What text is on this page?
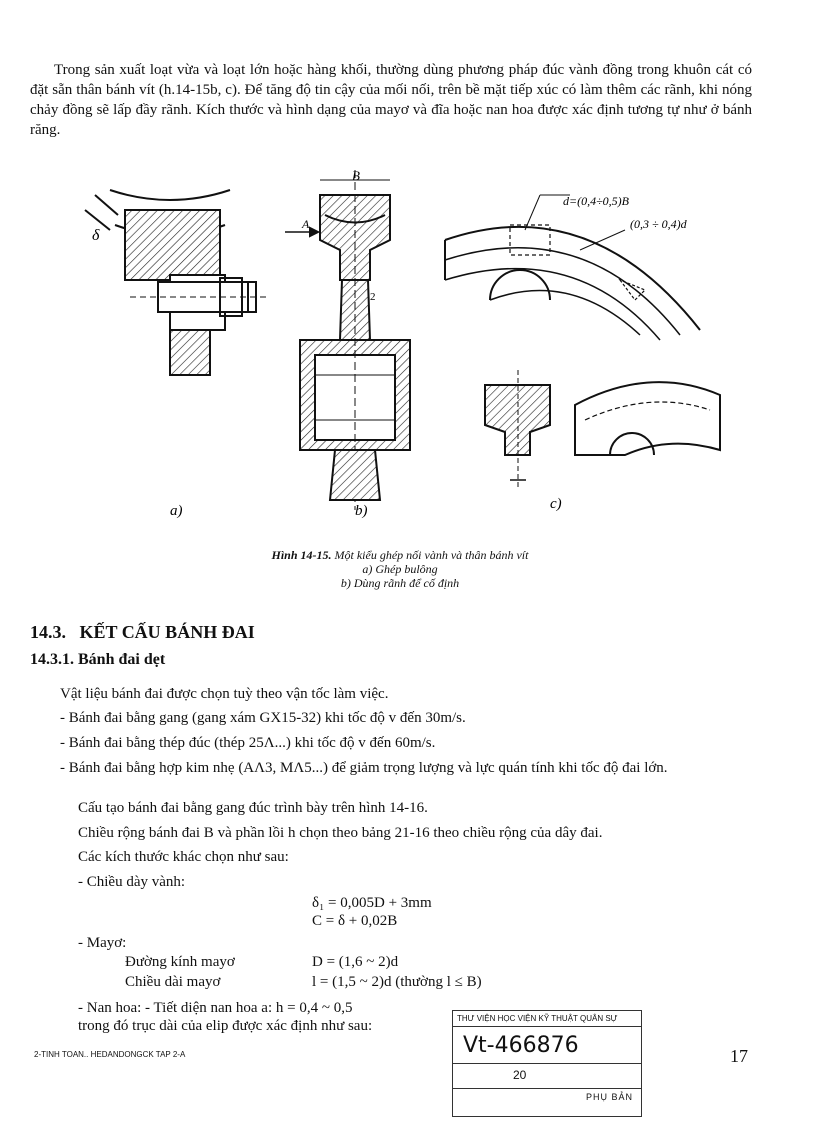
Trong sản xuất loạt vừa và loạt lớn hoặc hàng khối, thường dùng phương pháp đúc vành đồng trong khuôn cát có đặt sẵn thân bánh vít (h.14-15b, c). Để tăng độ tin cậy của mối nối, trên bề mặt tiếp xúc có làm thêm các rãnh, khi nóng chảy đồng sẽ lấp đầy rãnh. Kích thước và hình dạng của mayơ và đĩa hoặc nan hoa được xác định tương tự như ở bánh răng.
δ
B
A
2
d=(0,4÷0,5)B
(0,3 ÷ 0,4)d
a)	b)	c)
Hình 14-15. Một kiểu ghép nối vành và thân bánh vít
a) Ghép bulông
b) Dùng rãnh để cố định
14.3.   KẾT CẤU BÁNH ĐAI
14.3.1. Bánh đai dẹt
Vật liệu bánh đai được chọn tuỳ theo vận tốc làm việc.
- Bánh đai bằng gang (gang xám GX15-32) khi tốc độ v đến 30m/s.
- Bánh đai bằng thép đúc (thép 25Λ...) khi tốc độ v đến 60m/s.
- Bánh đai bằng hợp kim nhẹ (AΛ3, MΛ5...) để giảm trọng lượng và lực quán tính khi tốc độ đai lớn.
Cấu tạo bánh đai bằng gang đúc trình bày trên hình 14-16.
Chiều rộng bánh đai B và phần lồi h chọn theo bảng 21-16 theo chiều rộng của dây đai.
Các kích thước khác chọn như sau:
- Chiều dày vành:
δ₁ = 0,005D + 3mm
C = δ + 0,02B
- Mayơ:
Đường kính mayơ	D = (1,6 ~ 2)d
Chiều dài mayơ	l = (1,5 ~ 2)d (thường l ≤ B)
- Nan hoa: - Tiết diện nan hoa a: h = 0,4 ~ 0,5
trong đó trục dài của elip được xác định như sau:
2-TINH TOAN.. HEDANDONGCK TAP 2-A	17
THƯ VIỆN HỌC VIỆN KỸ THUẬT QUÂN SỰ
Vt-466876
20
PHỤ BẢN
